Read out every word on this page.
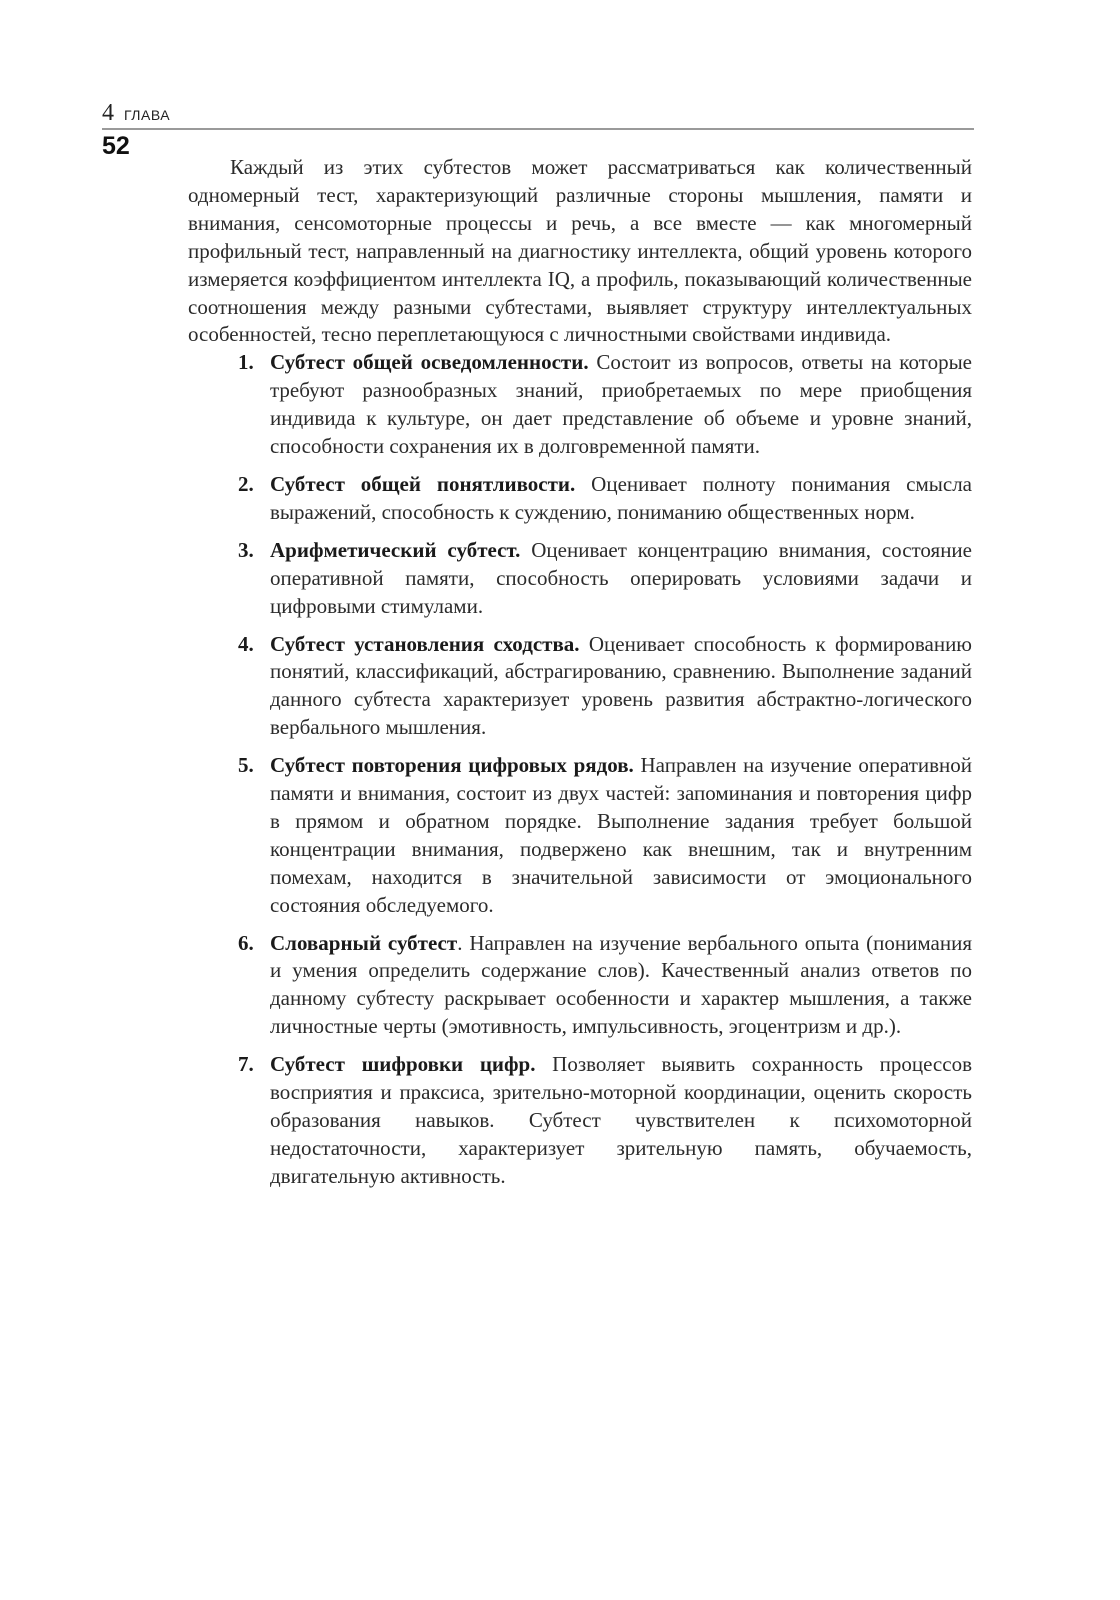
4 ГЛАВА
52

Каждый из этих субтестов может рассматриваться как количественный одномерный тест, характеризующий различные стороны мышления, памяти и внимания, сенсомоторные процессы и речь, а все вместе — как многомерный профильный тест, направленный на диагностику интеллекта, общий уровень которого измеряется коэффициентом интеллекта IQ, а профиль, показывающий количественные соотношения между разными субтестами, выявляет структуру интеллектуальных особенностей, тесно переплетающуюся с личностными свойствами индивида.

1. Субтест общей осведомленности. Состоит из вопросов, ответы на которые требуют разнообразных знаний, приобретаемых по мере приобщения индивида к культуре, он дает представление об объеме и уровне знаний, способности сохранения их в долговременной памяти.
2. Субтест общей понятливости. Оценивает полноту понимания смысла выражений, способность к суждению, пониманию общественных норм.
3. Арифметический субтест. Оценивает концентрацию внимания, состояние оперативной памяти, способность оперировать условиями задачи и цифровыми стимулами.
4. Субтест установления сходства. Оценивает способность к формированию понятий, классификаций, абстрагированию, сравнению. Выполнение заданий данного субтеста характеризует уровень развития абстрактно-логического вербального мышления.
5. Субтест повторения цифровых рядов. Направлен на изучение оперативной памяти и внимания, состоит из двух частей: запоминания и повторения цифр в прямом и обратном порядке. Выполнение задания требует большой концентрации внимания, подвержено как внешним, так и внутренним помехам, находится в значительной зависимости от эмоционального состояния обследуемого.
6. Словарный субтест. Направлен на изучение вербального опыта (понимания и умения определить содержание слов). Качественный анализ ответов по данному субтесту раскрывает особенности и характер мышления, а также личностные черты (эмотивность, импульсивность, эгоцентризм и др.).
7. Субтест шифровки цифр. Позволяет выявить сохранность процессов восприятия и праксиса, зрительно-моторной координации, оценить скорость образования навыков. Субтест чувствителен к психомоторной недостаточности, характеризует зрительную память, обучаемость, двигательную активность.
